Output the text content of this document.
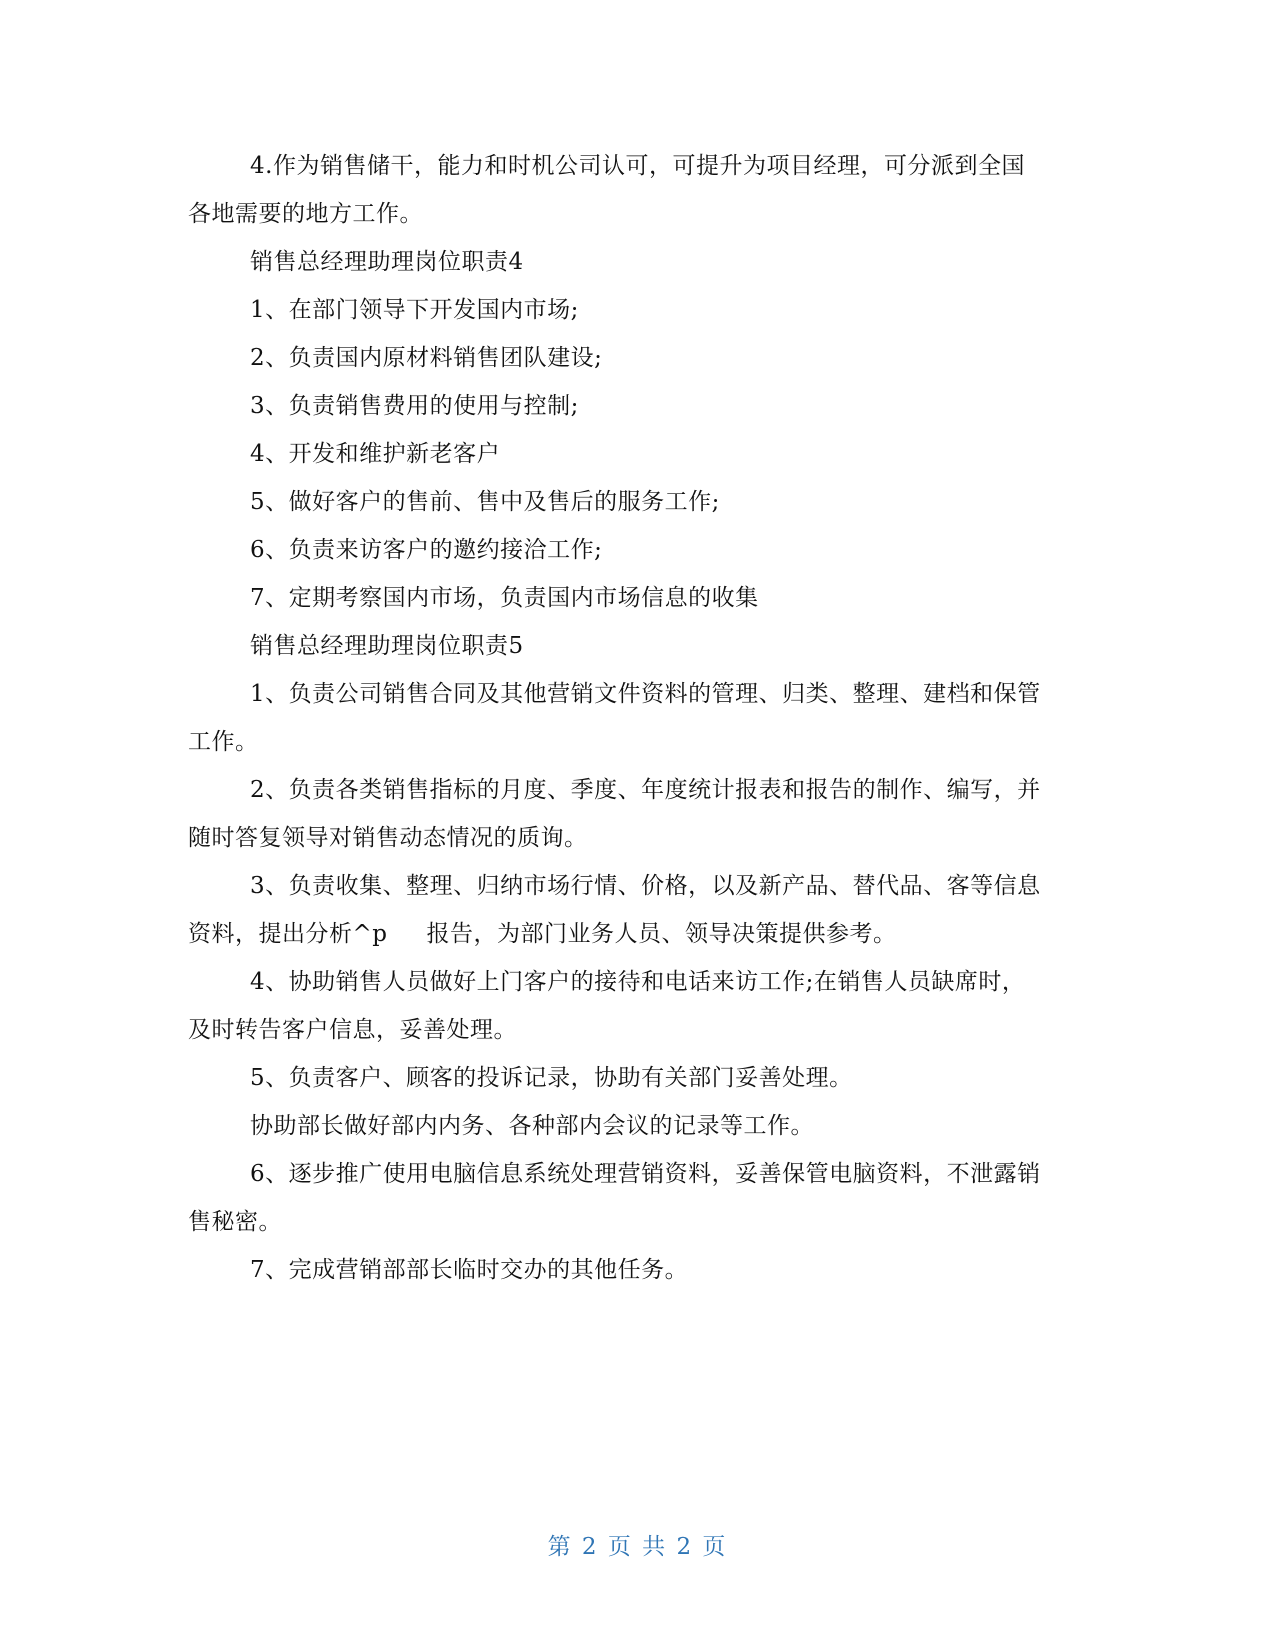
4.作为销售储干，能力和时机公司认可，可提升为项目经理，可分派到全国
各地需要的地方工作。
销售总经理助理岗位职责4
1、在部门领导下开发国内市场;
2、负责国内原材料销售团队建设;
3、负责销售费用的使用与控制;
4、开发和维护新老客户
5、做好客户的售前、售中及售后的服务工作;
6、负责来访客户的邀约接洽工作;
7、定期考察国内市场，负责国内市场信息的收集
销售总经理助理岗位职责5
1、负责公司销售合同及其他营销文件资料的管理、归类、整理、建档和保管
工作。
2、负责各类销售指标的月度、季度、年度统计报表和报告的制作、编写，并
随时答复领导对销售动态情况的质询。
3、负责收集、整理、归纳市场行情、价格，以及新产品、替代品、客等信息
资料，提出分析^p     报告，为部门业务人员、领导决策提供参考。
4、协助销售人员做好上门客户的接待和电话来访工作;在销售人员缺席时，
及时转告客户信息，妥善处理。
5、负责客户、顾客的投诉记录，协助有关部门妥善处理。
协助部长做好部内内务、各种部内会议的记录等工作。
6、逐步推广使用电脑信息系统处理营销资料，妥善保管电脑资料，不泄露销
售秘密。
7、完成营销部部长临时交办的其他任务。
第 2 页 共 2 页
